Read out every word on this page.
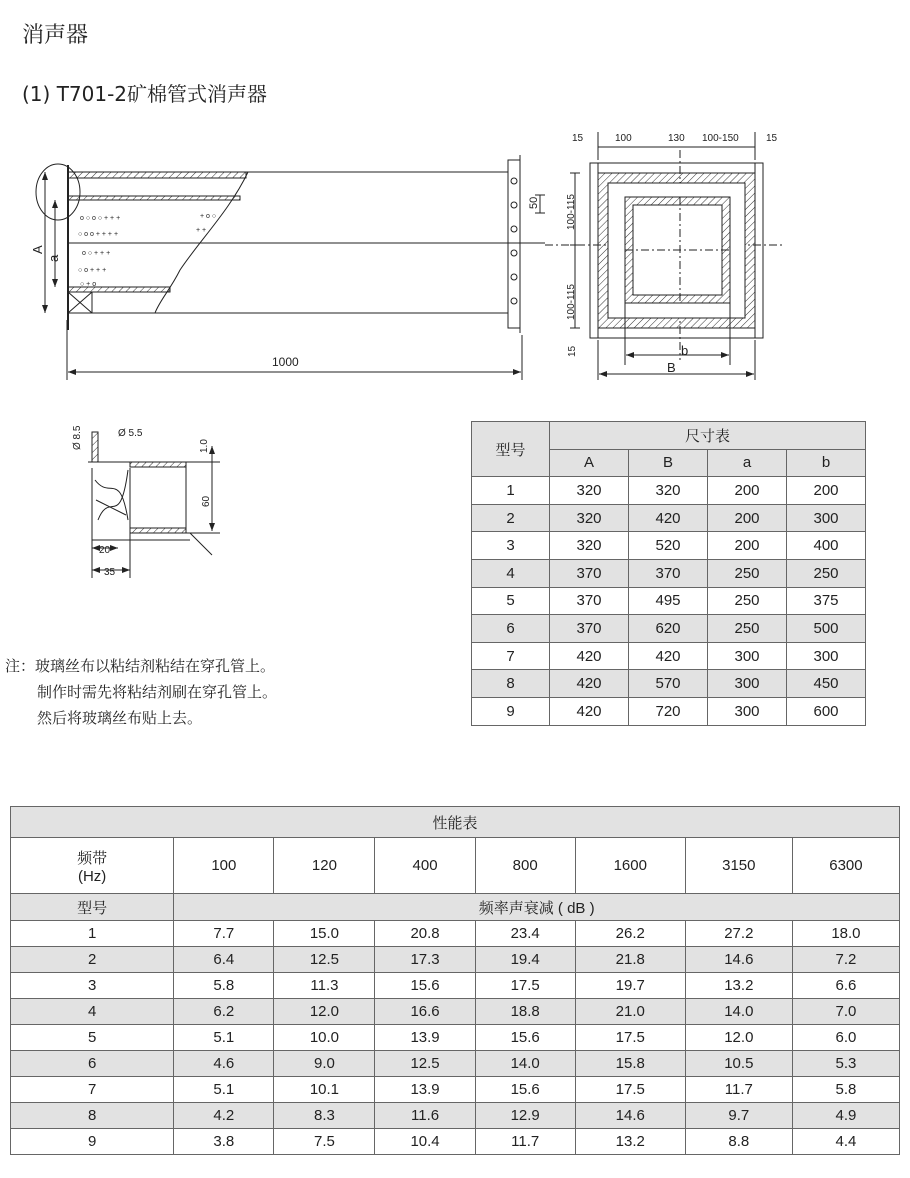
消声器
(1) T701-2矿棉管式消声器
o ○ o ○ + + +
○ o o + + + +
o ○ + + +
○ o + + +
○ + o
+ o ○
+ +
1000
A
a
50
15	100	130 100-150	15
100-115
100-115
15	b
B
Ø 8.5	Ø 5.5
1.0
60
20
35
注：玻璃丝布以粘结剂粘结在穿孔管上。
制作时需先将粘结剂刷在穿孔管上。
然后将玻璃丝布贴上去。
型号	尺寸表			
	A	B	a	b
1	320	320	200	200
2	320	420	200	300
3	320	520	200	400
4	370	370	250	250
5	370	495	250	375
6	370	620	250	500
7	420	420	300	300
8	420	570	300	450
9	420	720	300	600
性能表							
频带
(Hz)	100	120	400	800	1600	3150	6300
型号	频率声衰减 ( dB )						
1	7.7	15.0	20.8	23.4	26.2	27.2	18.0
2	6.4	12.5	17.3	19.4	21.8	14.6	7.2
3	5.8	11.3	15.6	17.5	19.7	13.2	6.6
4	6.2	12.0	16.6	18.8	21.0	14.0	7.0
5	5.1	10.0	13.9	15.6	17.5	12.0	6.0
6	4.6	9.0	12.5	14.0	15.8	10.5	5.3
7	5.1	10.1	13.9	15.6	17.5	11.7	5.8
8	4.2	8.3	11.6	12.9	14.6	9.7	4.9
9	3.8	7.5	10.4	11.7	13.2	8.8	4.4
